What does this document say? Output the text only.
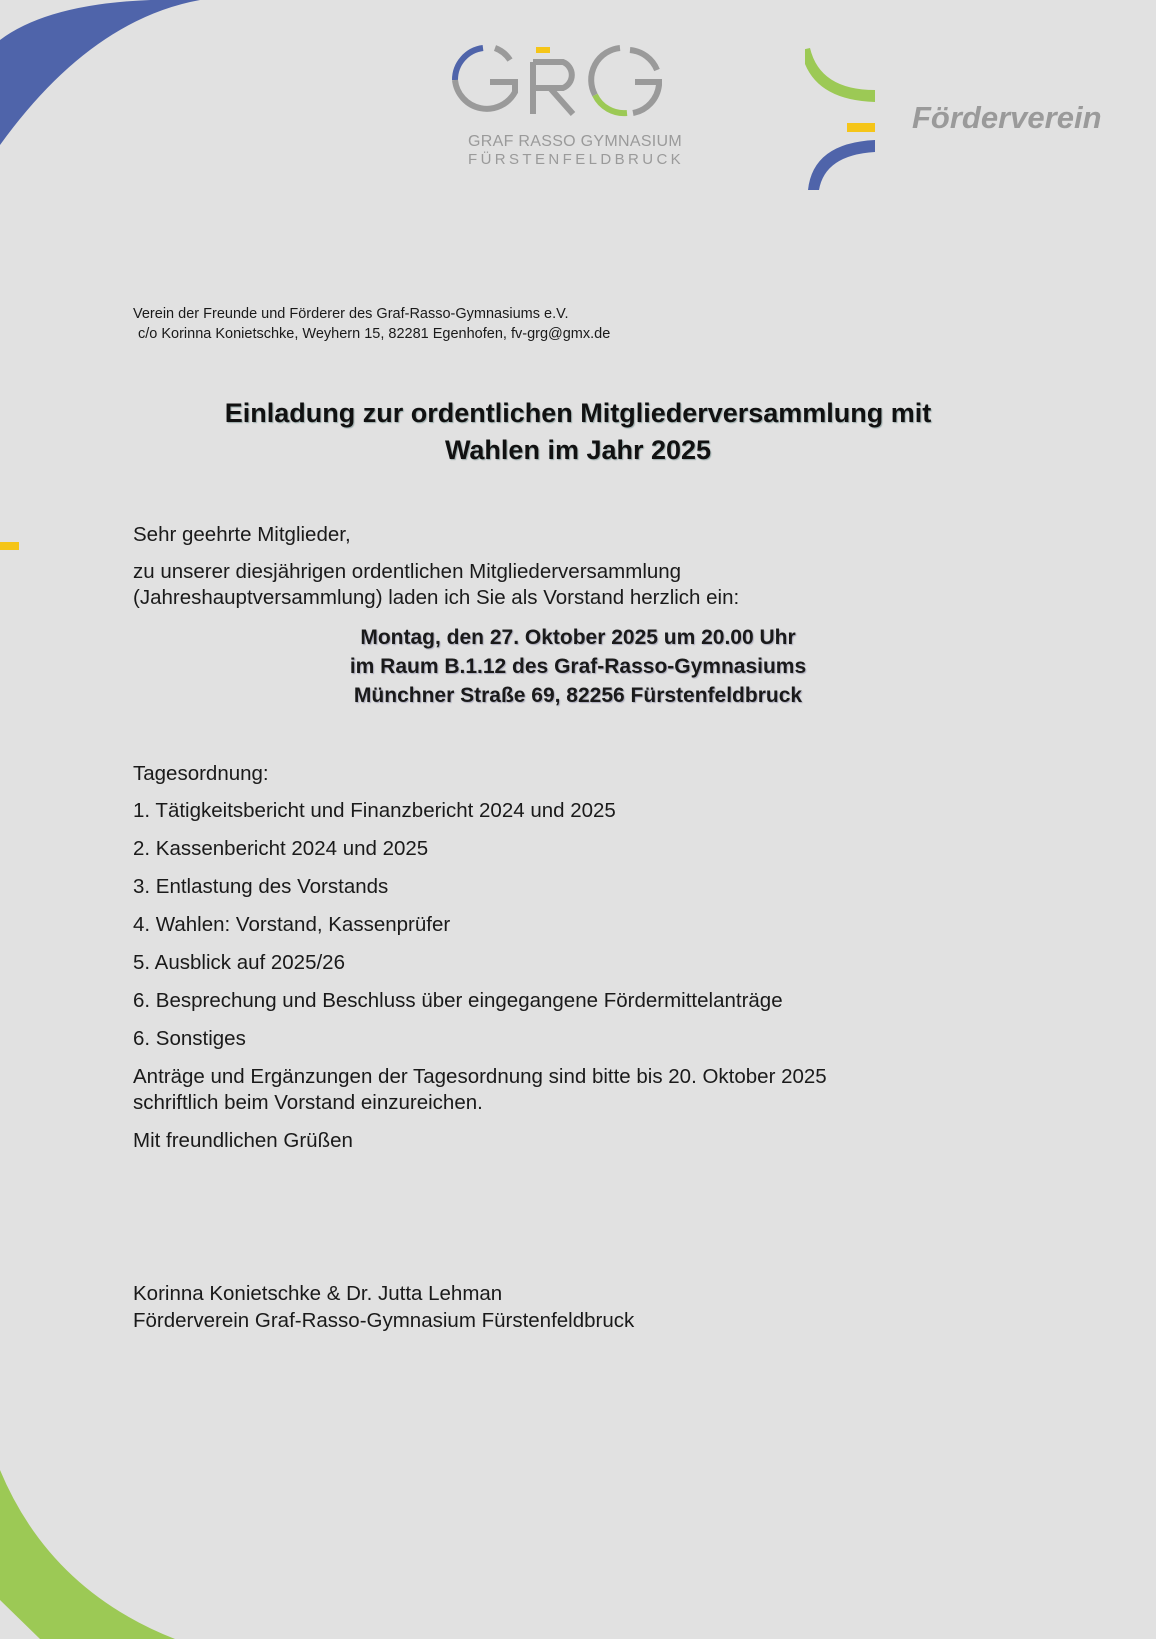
GRAF RASSO GYMNASIUM
FÜRSTENFELDBRUCK
Förderverein
Verein der Freunde und Förderer des Graf-Rasso-Gymnasiums e.V.
c/o Korinna Konietschke, Weyhern 15, 82281 Egenhofen, fv-grg@gmx.de
Einladung zur ordentlichen Mitgliederversammlung mit
Wahlen im Jahr 2025
Sehr geehrte Mitglieder,
zu unserer diesjährigen ordentlichen Mitgliederversammlung
(Jahreshauptversammlung) laden ich Sie als Vorstand herzlich ein:
Montag, den 27. Oktober 2025 um 20.00 Uhr
im Raum B.1.12 des Graf-Rasso-Gymnasiums
Münchner Straße 69, 82256 Fürstenfeldbruck
Tagesordnung:
1. Tätigkeitsbericht und Finanzbericht 2024 und 2025
2. Kassenbericht 2024 und 2025
3. Entlastung des Vorstands
4. Wahlen: Vorstand, Kassenprüfer
5. Ausblick auf 2025/26
6. Besprechung und Beschluss über eingegangene Fördermittelanträge
6. Sonstiges
Anträge und Ergänzungen der Tagesordnung sind bitte bis 20. Oktober 2025
schriftlich beim Vorstand einzureichen.
Mit freundlichen Grüßen
Korinna Konietschke & Dr. Jutta Lehman
Förderverein Graf-Rasso-Gymnasium Fürstenfeldbruck
